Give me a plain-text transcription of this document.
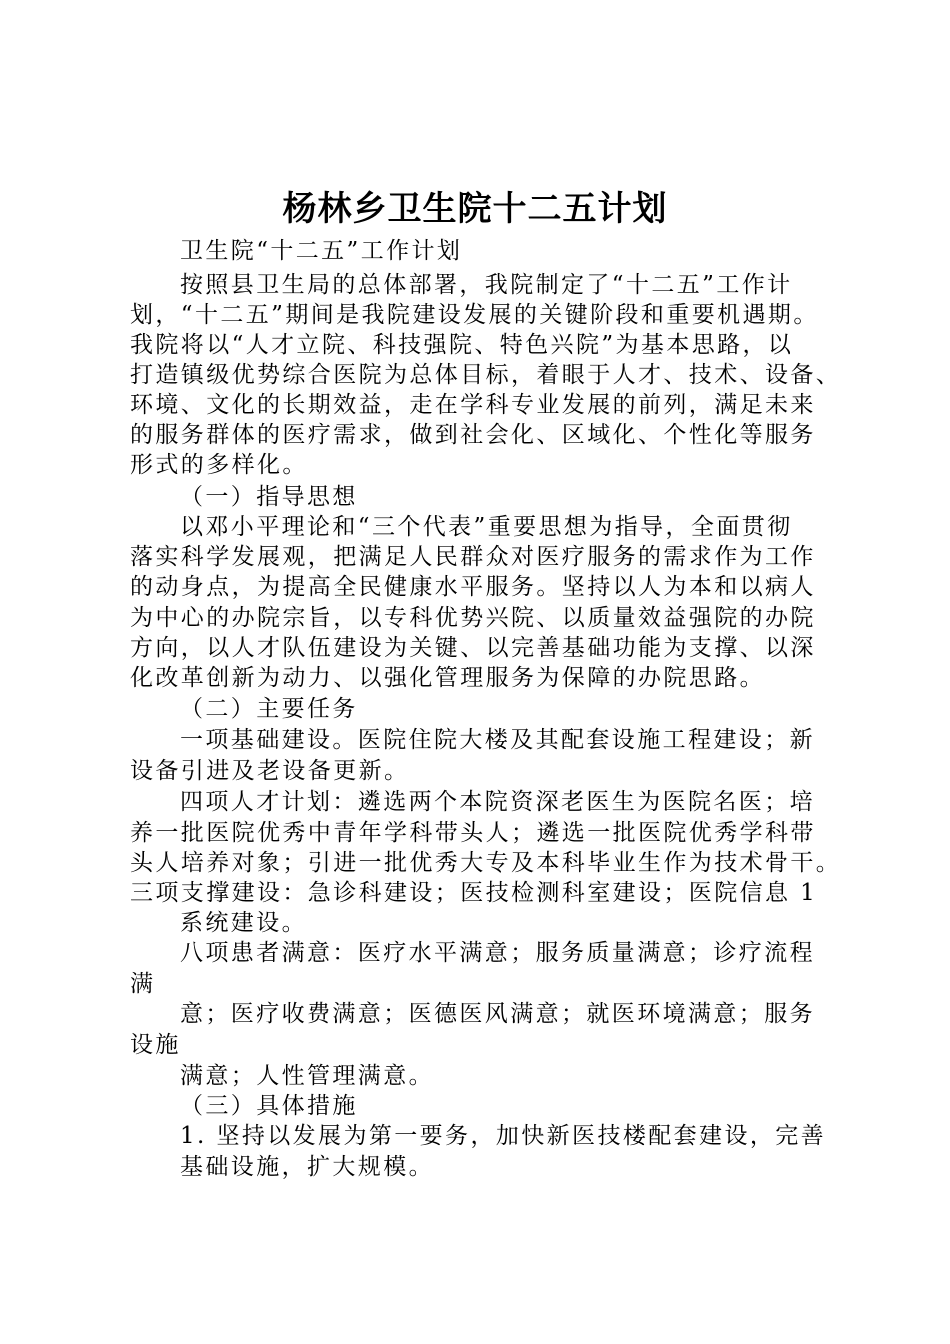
杨林乡卫生院十二五计划
卫生院“十二五”工作计划
按照县卫生局的总体部署，我院制定了“十二五”工作计
划，“十二五”期间是我院建设发展的关键阶段和重要机遇期。
我院将以“人才立院、科技强院、特色兴院”为基本思路，以
打造镇级优势综合医院为总体目标，着眼于人才、技术、设备、
环境、文化的长期效益，走在学科专业发展的前列，满足未来
的服务群体的医疗需求，做到社会化、区域化、个性化等服务
形式的多样化。
（一）指导思想
以邓小平理论和“三个代表”重要思想为指导，全面贯彻
落实科学发展观，把满足人民群众对医疗服务的需求作为工作
的动身点，为提高全民健康水平服务。坚持以人为本和以病人
为中心的办院宗旨，以专科优势兴院、以质量效益强院的办院
方向，以人才队伍建设为关键、以完善基础功能为支撑、以深
化改革创新为动力、以强化管理服务为保障的办院思路。
（二）主要任务
一项基础建设。医院住院大楼及其配套设施工程建设；新
设备引进及老设备更新。
四项人才计划：遴选两个本院资深老医生为医院名医；培
养一批医院优秀中青年学科带头人；遴选一批医院优秀学科带
头人培养对象；引进一批优秀大专及本科毕业生作为技术骨干。
三项支撑建设：急诊科建设；医技检测科室建设；医院信息 1
系统建设。
八项患者满意：医疗水平满意；服务质量满意；诊疗流程
满
意；医疗收费满意；医德医风满意；就医环境满意；服务
设施
满意；人性管理满意。
（三）具体措施
1. 坚持以发展为第一要务，加快新医技楼配套建设，完善
基础设施，扩大规模。
